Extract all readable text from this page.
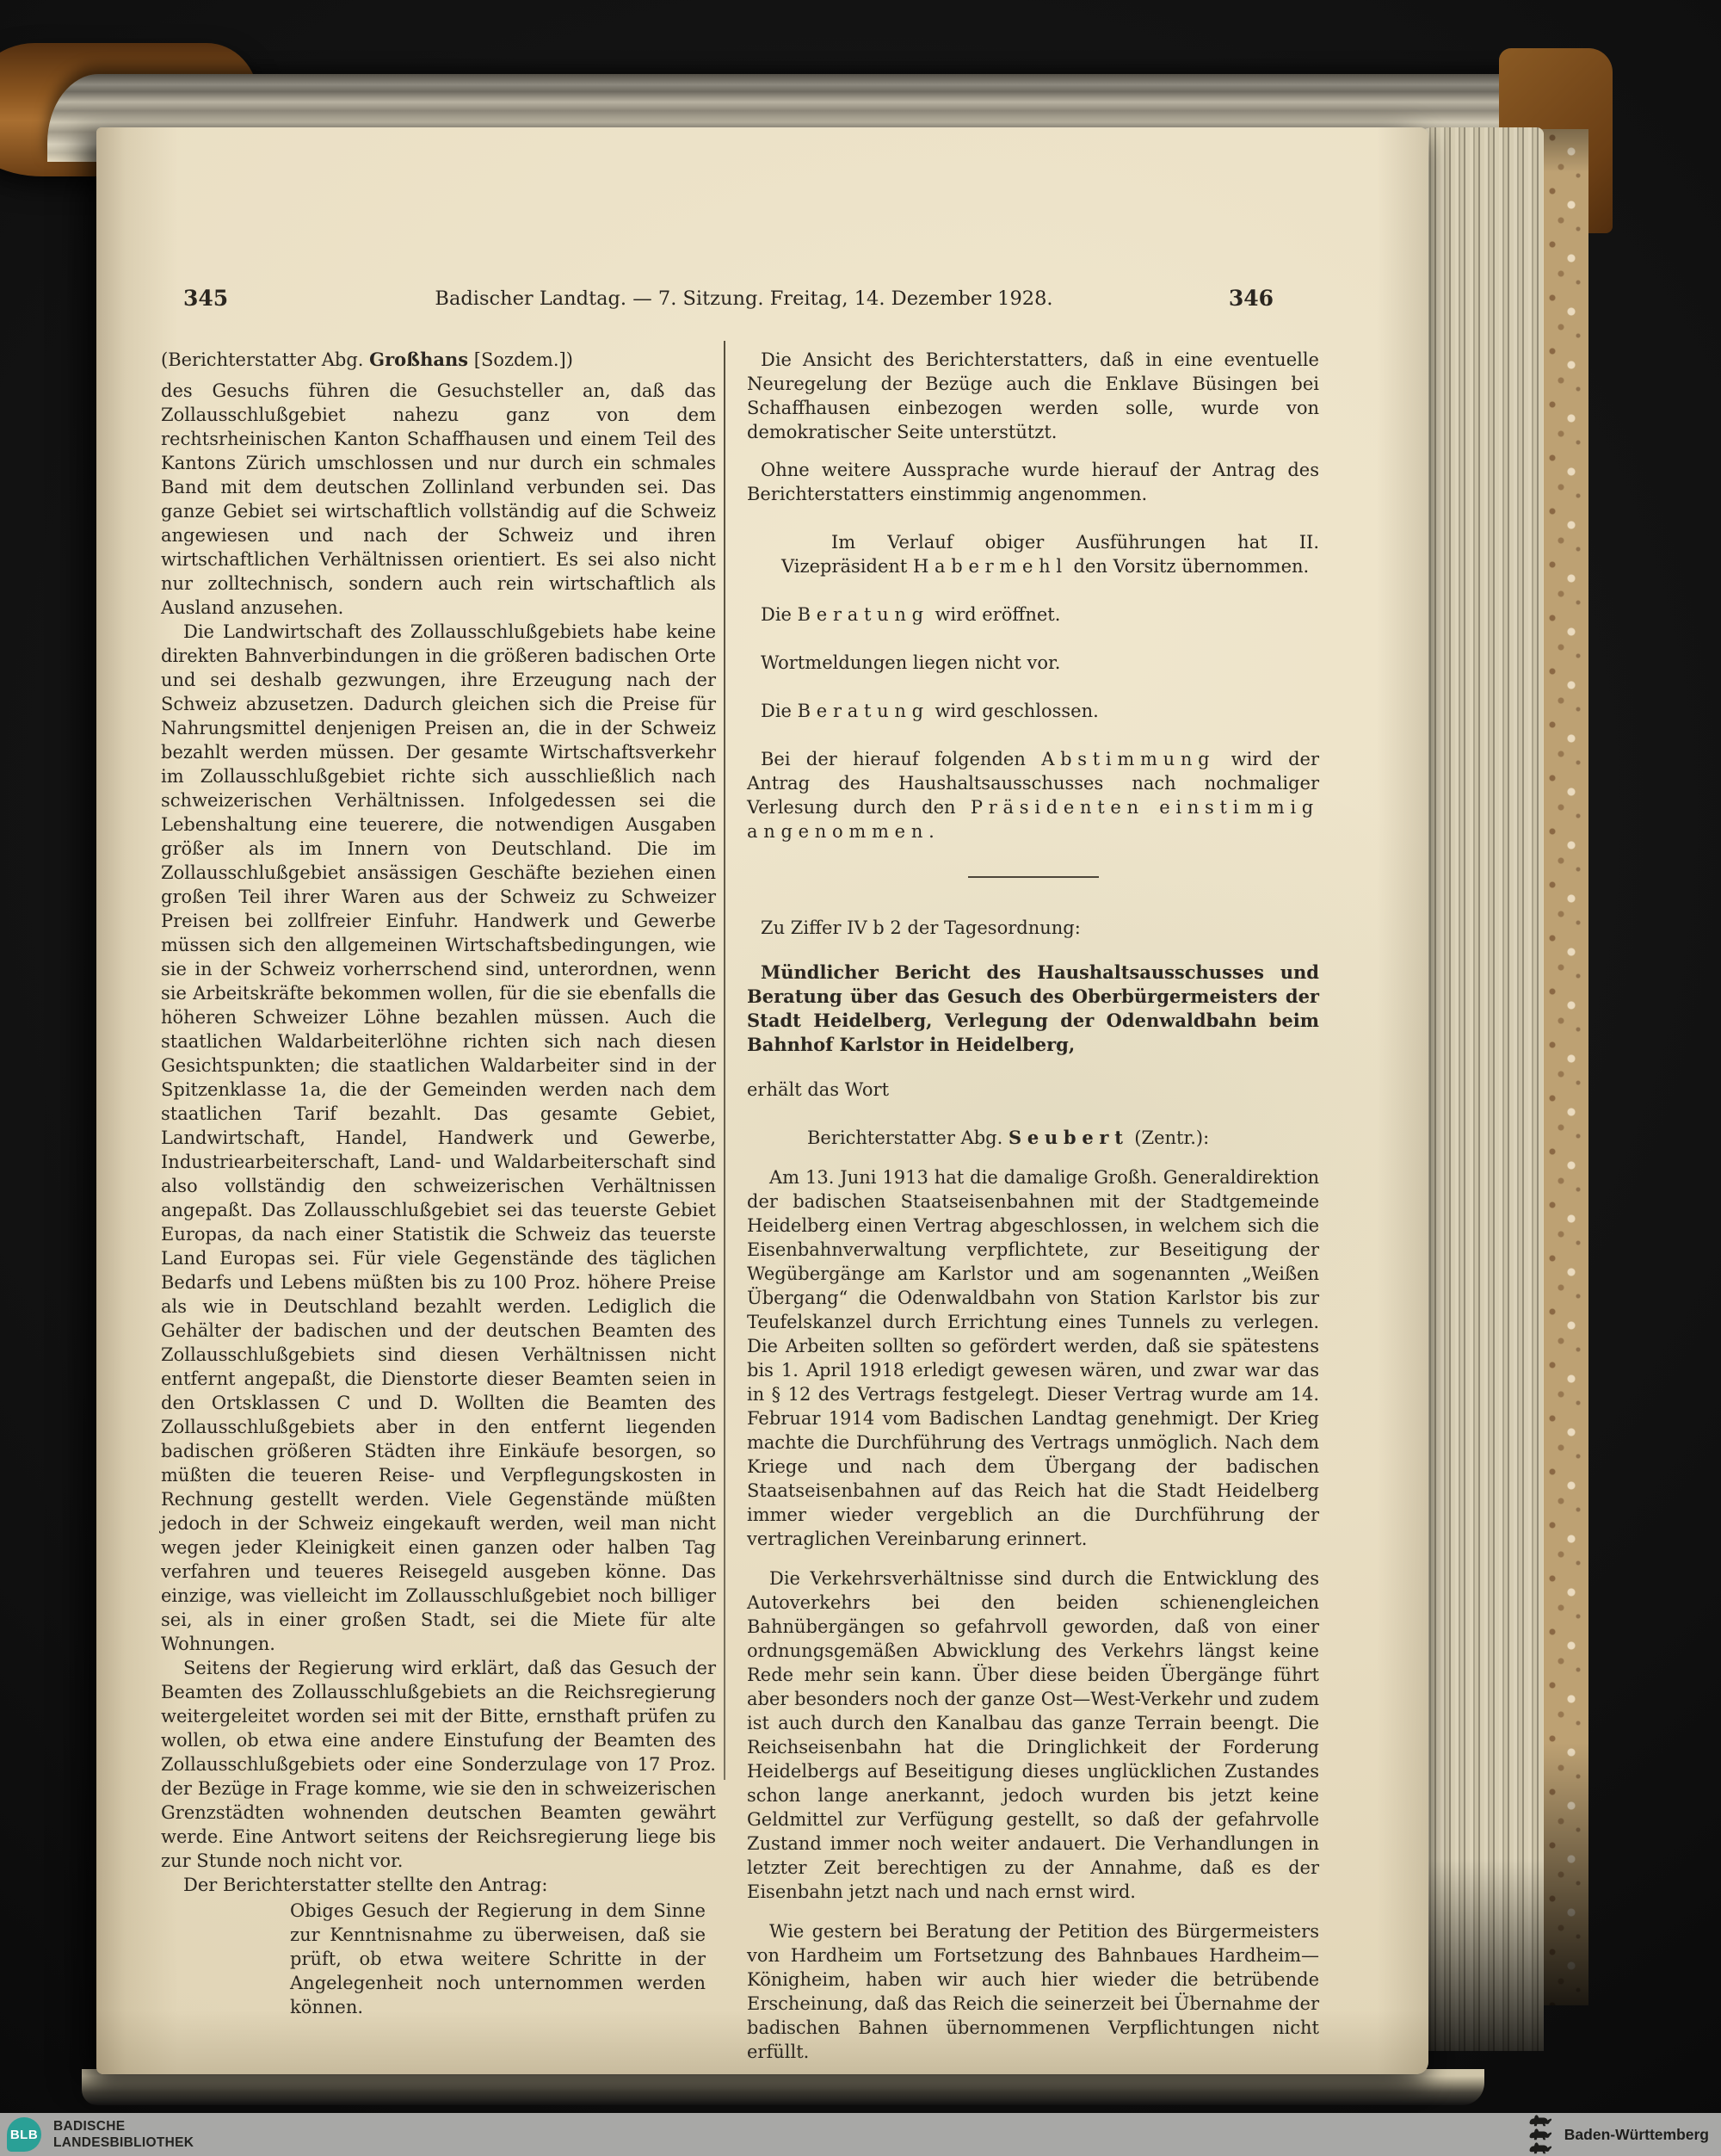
345	Badischer Landtag. — 7. Sitzung. Freitag, 14. Dezember 1928.	346

(Berichterstatter Abg. Großhans [Sozdem.])

des Gesuchs führen die Gesuchsteller an, daß das Zollausschlußgebiet nahezu ganz von dem rechtsrheinischen Kanton Schaffhausen und einem Teil des Kantons Zürich umschlossen und nur durch ein schmales Band mit dem deutschen Zollinland verbunden sei. Das ganze Gebiet sei wirtschaftlich vollständig auf die Schweiz angewiesen und nach der Schweiz und ihren wirtschaftlichen Verhältnissen orientiert. Es sei also nicht nur zolltechnisch, sondern auch rein wirtschaftlich als Ausland anzusehen.

Die Landwirtschaft des Zollausschlußgebiets habe keine direkten Bahnverbindungen in die größeren badischen Orte und sei deshalb gezwungen, ihre Erzeugung nach der Schweiz abzusetzen. Dadurch gleichen sich die Preise für Nahrungsmittel denjenigen Preisen an, die in der Schweiz bezahlt werden müssen. Der gesamte Wirtschaftsverkehr im Zollausschlußgebiet richte sich ausschließlich nach schweizerischen Verhältnissen. Infolgedessen sei die Lebenshaltung eine teuerere, die notwendigen Ausgaben größer als im Innern von Deutschland. Die im Zollausschlußgebiet ansässigen Geschäfte beziehen einen großen Teil ihrer Waren aus der Schweiz zu Schweizer Preisen bei zollfreier Einfuhr. Handwerk und Gewerbe müssen sich den allgemeinen Wirtschaftsbedingungen, wie sie in der Schweiz vorherrschend sind, unterordnen, wenn sie Arbeitskräfte bekommen wollen, für die sie ebenfalls die höheren Schweizer Löhne bezahlen müssen. Auch die staatlichen Waldarbeiterlöhne richten sich nach diesen Gesichtspunkten; die staatlichen Waldarbeiter sind in der Spitzenklasse 1a, die der Gemeinden werden nach dem staatlichen Tarif bezahlt. Das gesamte Gebiet, Landwirtschaft, Handel, Handwerk und Gewerbe, Industriearbeiterschaft, Land- und Waldarbeiterschaft sind also vollständig den schweizerischen Verhältnissen angepaßt. Das Zollausschlußgebiet sei das teuerste Gebiet Europas, da nach einer Statistik die Schweiz das teuerste Land Europas sei. Für viele Gegenstände des täglichen Bedarfs und Lebens müßten bis zu 100 Proz. höhere Preise als wie in Deutschland bezahlt werden. Lediglich die Gehälter der badischen und der deutschen Beamten des Zollausschlußgebiets sind diesen Verhältnissen nicht entfernt angepaßt, die Dienstorte dieser Beamten seien in den Ortsklassen C und D. Wollten die Beamten des Zollausschlußgebiets aber in den entfernt liegenden badischen größeren Städten ihre Einkäufe besorgen, so müßten die teueren Reise- und Verpflegungskosten in Rechnung gestellt werden. Viele Gegenstände müßten jedoch in der Schweiz eingekauft werden, weil man nicht wegen jeder Kleinigkeit einen ganzen oder halben Tag verfahren und teueres Reisegeld ausgeben könne. Das einzige, was vielleicht im Zollausschlußgebiet noch billiger sei, als in einer großen Stadt, sei die Miete für alte Wohnungen.

Seitens der Regierung wird erklärt, daß das Gesuch der Beamten des Zollausschlußgebiets an die Reichsregierung weitergeleitet worden sei mit der Bitte, ernsthaft prüfen zu wollen, ob etwa eine andere Einstufung der Beamten des Zollausschlußgebiets oder eine Sonderzulage von 17 Proz. der Bezüge in Frage komme, wie sie den in schweizerischen Grenzstädten wohnenden deutschen Beamten gewährt werde. Eine Antwort seitens der Reichsregierung liege bis zur Stunde noch nicht vor.

Der Berichterstatter stellte den Antrag:

Obiges Gesuch der Regierung in dem Sinne zur Kenntnisnahme zu überweisen, daß sie prüft, ob etwa weitere Schritte in der Angelegenheit noch unternommen werden können.

Die Ansicht des Berichterstatters, daß in eine eventuelle Neuregelung der Bezüge auch die Enklave Büsingen bei Schaffhausen einbezogen werden solle, wurde von demokratischer Seite unterstützt.

Ohne weitere Aussprache wurde hierauf der Antrag des Berichterstatters einstimmig angenommen.

Im Verlauf obiger Ausführungen hat II. Vizepräsident Habermehl den Vorsitz übernommen.

Die Beratung wird eröffnet.

Wortmeldungen liegen nicht vor.

Die Beratung wird geschlossen.

Bei der hierauf folgenden Abstimmung wird der Antrag des Haushaltsausschusses nach nochmaliger Verlesung durch den Präsidenten einstimmig angenommen.

Zu Ziffer IV b 2 der Tagesordnung:

Mündlicher Bericht des Haushaltsausschusses und Beratung über das Gesuch des Oberbürgermeisters der Stadt Heidelberg, Verlegung der Odenwaldbahn beim Bahnhof Karlstor in Heidelberg,

erhält das Wort

Berichterstatter Abg. Seubert (Zentr.):

Am 13. Juni 1913 hat die damalige Großh. Generaldirektion der badischen Staatseisenbahnen mit der Stadtgemeinde Heidelberg einen Vertrag abgeschlossen, in welchem sich die Eisenbahnverwaltung verpflichtete, zur Beseitigung der Wegübergänge am Karlstor und am sogenannten „Weißen Übergang“ die Odenwaldbahn von Station Karlstor bis zur Teufelskanzel durch Errichtung eines Tunnels zu verlegen. Die Arbeiten sollten so gefördert werden, daß sie spätestens bis 1. April 1918 erledigt gewesen wären, und zwar war das in § 12 des Vertrags festgelegt. Dieser Vertrag wurde am 14. Februar 1914 vom Badischen Landtag genehmigt. Der Krieg machte die Durchführung des Vertrags unmöglich. Nach dem Kriege und nach dem Übergang der badischen Staatseisenbahnen auf das Reich hat die Stadt Heidelberg immer wieder vergeblich an die Durchführung der vertraglichen Vereinbarung erinnert.

Die Verkehrsverhältnisse sind durch die Entwicklung des Autoverkehrs bei den beiden schienengleichen Bahnübergängen so gefahrvoll geworden, daß von einer ordnungsgemäßen Abwicklung des Verkehrs längst keine Rede mehr sein kann. Über diese beiden Übergänge führt aber besonders noch der ganze Ost—West-Verkehr und zudem ist auch durch den Kanalbau das ganze Terrain beengt. Die Reichseisenbahn hat die Dringlichkeit der Forderung Heidelbergs auf Beseitigung dieses unglücklichen Zustandes schon lange anerkannt, jedoch wurden bis jetzt keine Geldmittel zur Verfügung gestellt, so daß der gefahrvolle Zustand immer noch weiter andauert. Die Verhandlungen in letzter Zeit berechtigen zu der Annahme, daß es der Eisenbahn jetzt nach und nach ernst wird.

Wie gestern bei Beratung der Petition des Bürgermeisters von Hardheim um Fortsetzung des Bahnbaues Hardheim—Königheim, haben wir auch hier wieder die betrübende Erscheinung, daß das Reich die seinerzeit bei Übernahme der badischen Bahnen übernommenen Verpflichtungen nicht erfüllt.

BLB
BADISCHE
LANDESBIBLIOTHEK	Baden-Württemberg
